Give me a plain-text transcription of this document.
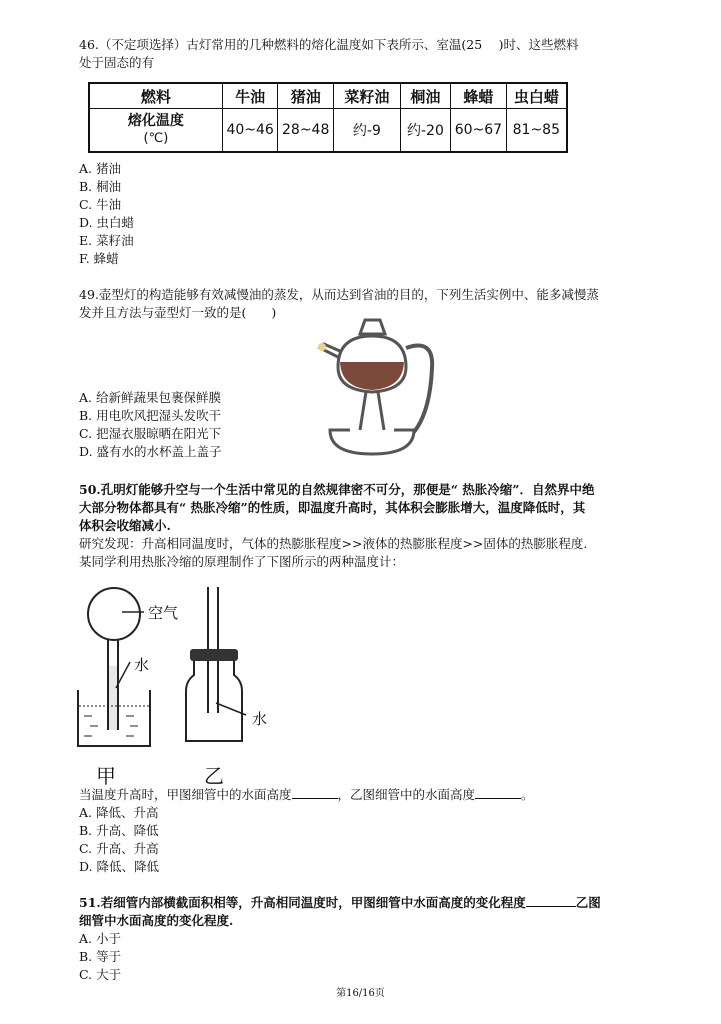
46.（不定项选择）古灯常用的几种燃料的熔化温度如下表所示、室温(25　 )时、这些燃料
处于固态的有
燃料	牛油	猪油	菜籽油	桐油	蜂蜡	虫白蜡

熔化温度
(℃)	40~46	28~48	约-9	约-20	60~67	81~85
A. 猪油
B. 桐油
C. 牛油
D. 虫白蜡
E. 菜籽油
F. 蜂蜡
49.壶型灯的构造能够有效减慢油的蒸发，从而达到省油的目的，下列生活实例中、能多减慢蒸
发并且方法与壶型灯一致的是(　　)
A. 给新鲜蔬果包裹保鲜膜
B. 用电吹风把湿头发吹干
C. 把湿衣服晾晒在阳光下
D. 盛有水的水杯盖上盖子
50.孔明灯能够升空与一个生活中常见的自然规律密不可分，那便是“ 热胀冷缩”．自然界中绝
大部分物体都具有“ 热胀冷缩”的性质，即温度升高时，其体积会膨胀增大，温度降低时，其
体积会收缩减小.
研究发现：升高相同温度时，气体的热膨胀程度>>液体的热膨胀程度>>固体的热膨胀程度.
某同学利用热胀冷缩的原理制作了下图所示的两种温度计：
空气
水
甲
水
乙
当温度升高时，甲图细管中的水面高度	，乙图细管中的水面高度	。
A. 降低、升高
B. 升高、降低
C. 升高、升高
D. 降低、降低
51.若细管内部横截面积相等，升高相同温度时，甲图细管中水面高度的变化程度	乙图
细管中水面高度的变化程度.
A. 小于
B. 等于
C. 大于
第16/16页
